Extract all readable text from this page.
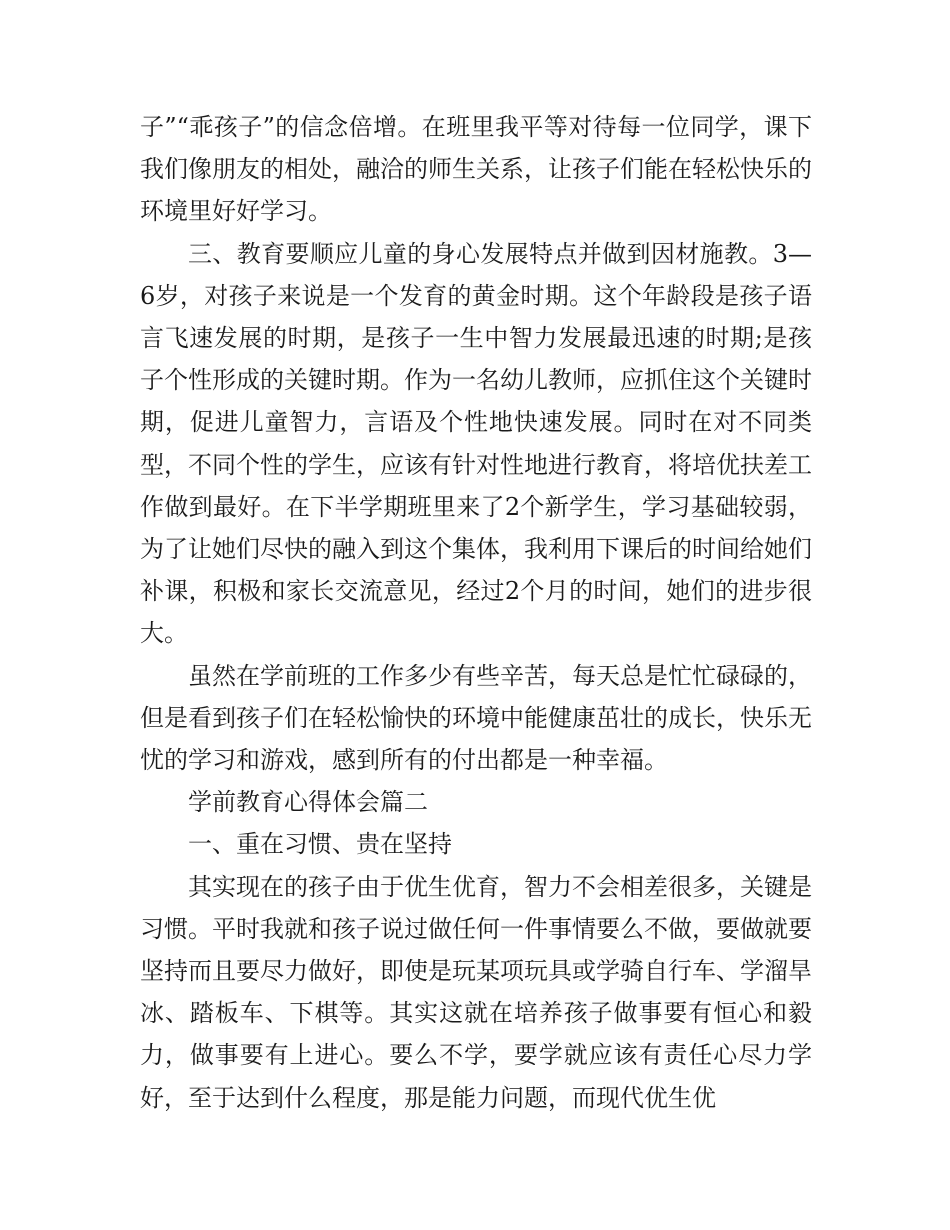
子”“乖孩子”的信念倍增。在班里我平等对待每一位同学，课下我们像朋友的相处，融洽的师生关系，让孩子们能在轻松快乐的环境里好好学习。

三、教育要顺应儿童的身心发展特点并做到因材施教。3—6岁，对孩子来说是一个发育的黄金时期。这个年龄段是孩子语言飞速发展的时期，是孩子一生中智力发展最迅速的时期;是孩子个性形成的关键时期。作为一名幼儿教师，应抓住这个关键时期，促进儿童智力，言语及个性地快速发展。同时在对不同类型，不同个性的学生，应该有针对性地进行教育，将培优扶差工作做到最好。在下半学期班里来了2个新学生，学习基础较弱，为了让她们尽快的融入到这个集体，我利用下课后的时间给她们补课，积极和家长交流意见，经过2个月的时间，她们的进步很大。

虽然在学前班的工作多少有些辛苦，每天总是忙忙碌碌的，但是看到孩子们在轻松愉快的环境中能健康茁壮的成长，快乐无忧的学习和游戏，感到所有的付出都是一种幸福。

学前教育心得体会篇二

一、重在习惯、贵在坚持

其实现在的孩子由于优生优育，智力不会相差很多，关键是习惯。平时我就和孩子说过做任何一件事情要么不做，要做就要坚持而且要尽力做好，即使是玩某项玩具或学骑自行车、学溜旱冰、踏板车、下棋等。其实这就在培养孩子做事要有恒心和毅力，做事要有上进心。要么不学，要学就应该有责任心尽力学好，至于达到什么程度，那是能力问题，而现代优生优
